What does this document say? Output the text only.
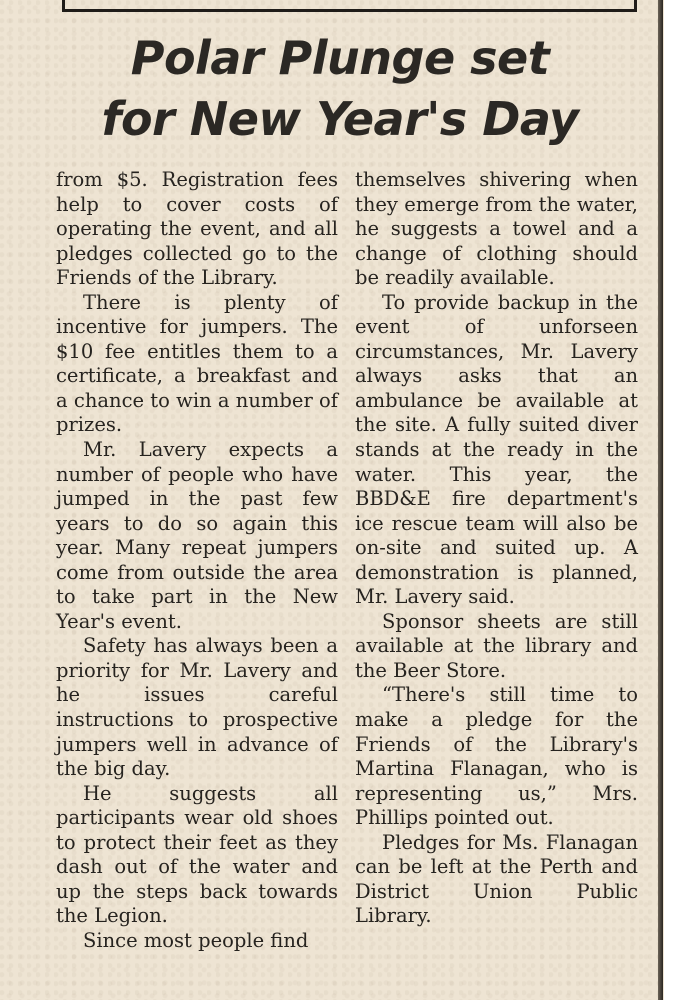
Polar Plunge set
for New Year's Day

from $5. Registration fees help to cover costs of operating the event, and all pledges collected go to the Friends of the Library.

There is plenty of incentive for jumpers. The $10 fee entitles them to a certificate, a breakfast and a chance to win a number of prizes.

Mr. Lavery expects a number of people who have jumped in the past few years to do so again this year. Many repeat jumpers come from outside the area to take part in the New Year's event.

Safety has always been a priority for Mr. Lavery and he issues careful instructions to prospective jumpers well in advance of the big day.

He suggests all participants wear old shoes to protect their feet as they dash out of the water and up the steps back towards the Legion.

Since most people find

themselves shivering when they emerge from the water, he suggests a towel and a change of clothing should be readily available.

To provide backup in the event of unforseen circumstances, Mr. Lavery always asks that an ambulance be available at the site. A fully suited diver stands at the ready in the water. This year, the BBD&E fire department's ice rescue team will also be on-site and suited up. A demonstration is planned, Mr. Lavery said.

Sponsor sheets are still available at the library and the Beer Store.

“There's still time to make a pledge for the Friends of the Library's Martina Flanagan, who is representing us,” Mrs. Phillips pointed out.

Pledges for Ms. Flanagan can be left at the Perth and District Union Public Library.
